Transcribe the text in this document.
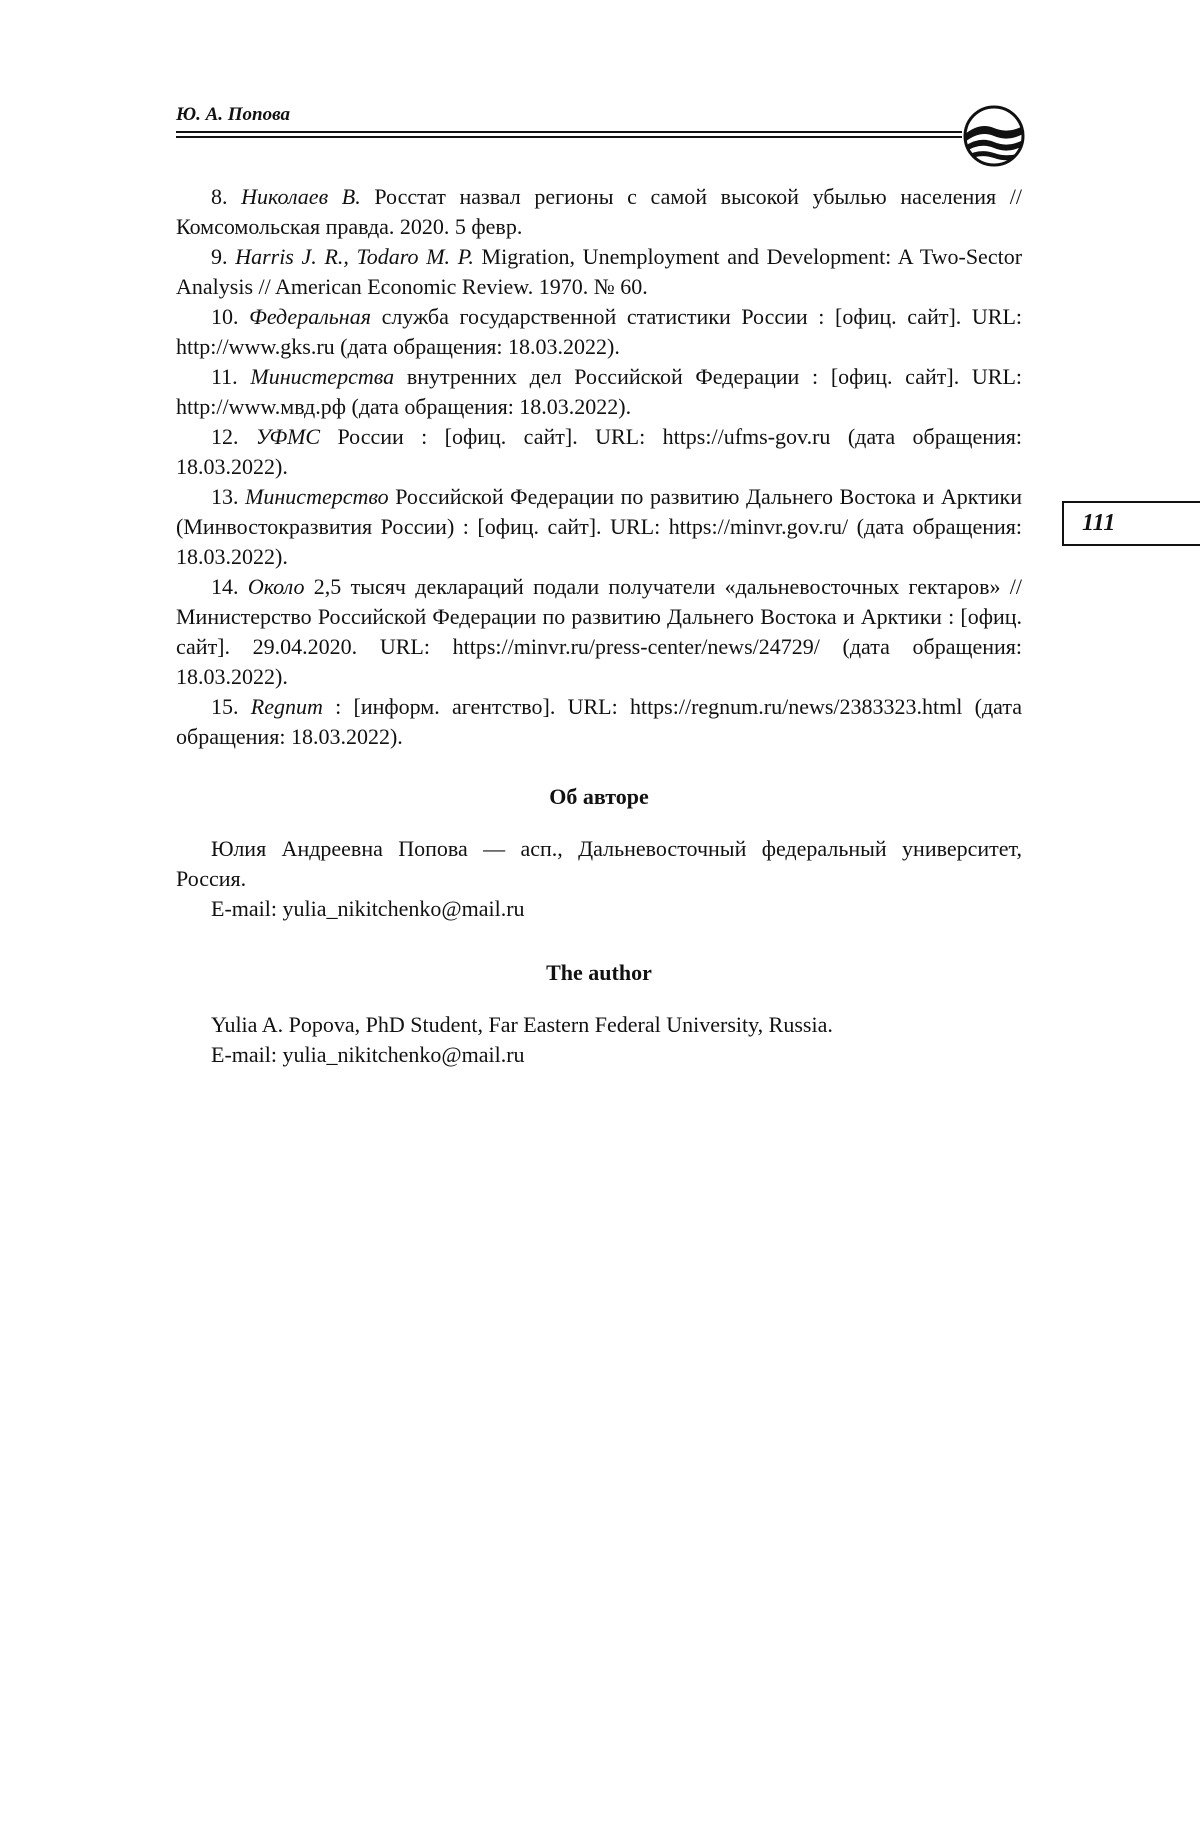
Ю. А. Попова
111

8. Николаев В. Росстат назвал регионы с самой высокой убылью населения // Комсомольская правда. 2020. 5 февр.

9. Harris J. R., Todaro M. P. Migration, Unemployment and Development: A Two-Sector Analysis // American Economic Review. 1970. № 60.

10. Федеральная служба государственной статистики России : [офиц. сайт]. URL: http://www.gks.ru (дата обращения: 18.03.2022).

11. Министерства внутренних дел Российской Федерации : [офиц. сайт]. URL: http://www.мвд.рф (дата обращения: 18.03.2022).

12. УФМС России : [офиц. сайт]. URL: https://ufms-gov.ru (дата обращения: 18.03.2022).

13. Министерство Российской Федерации по развитию Дальнего Востока и Арктики (Минвостокразвития России) : [офиц. сайт]. URL: https://minvr.gov.ru/ (дата обращения: 18.03.2022).

14. Около 2,5 тысяч деклараций подали получатели «дальневосточных гектаров» // Министерство Российской Федерации по развитию Дальнего Востока и Арктики : [офиц. сайт]. 29.04.2020. URL: https://minvr.ru/press-center/news/24729/ (дата обращения: 18.03.2022).

15. Regnum : [информ. агентство]. URL: https://regnum.ru/news/2383323.html (дата обращения: 18.03.2022).

Об авторе

Юлия Андреевна Попова — асп., Дальневосточный федеральный университет, Россия.

E-mail: yulia_nikitchenko@mail.ru

The author

Yulia A. Popova, PhD Student, Far Eastern Federal University, Russia.

E-mail: yulia_nikitchenko@mail.ru
